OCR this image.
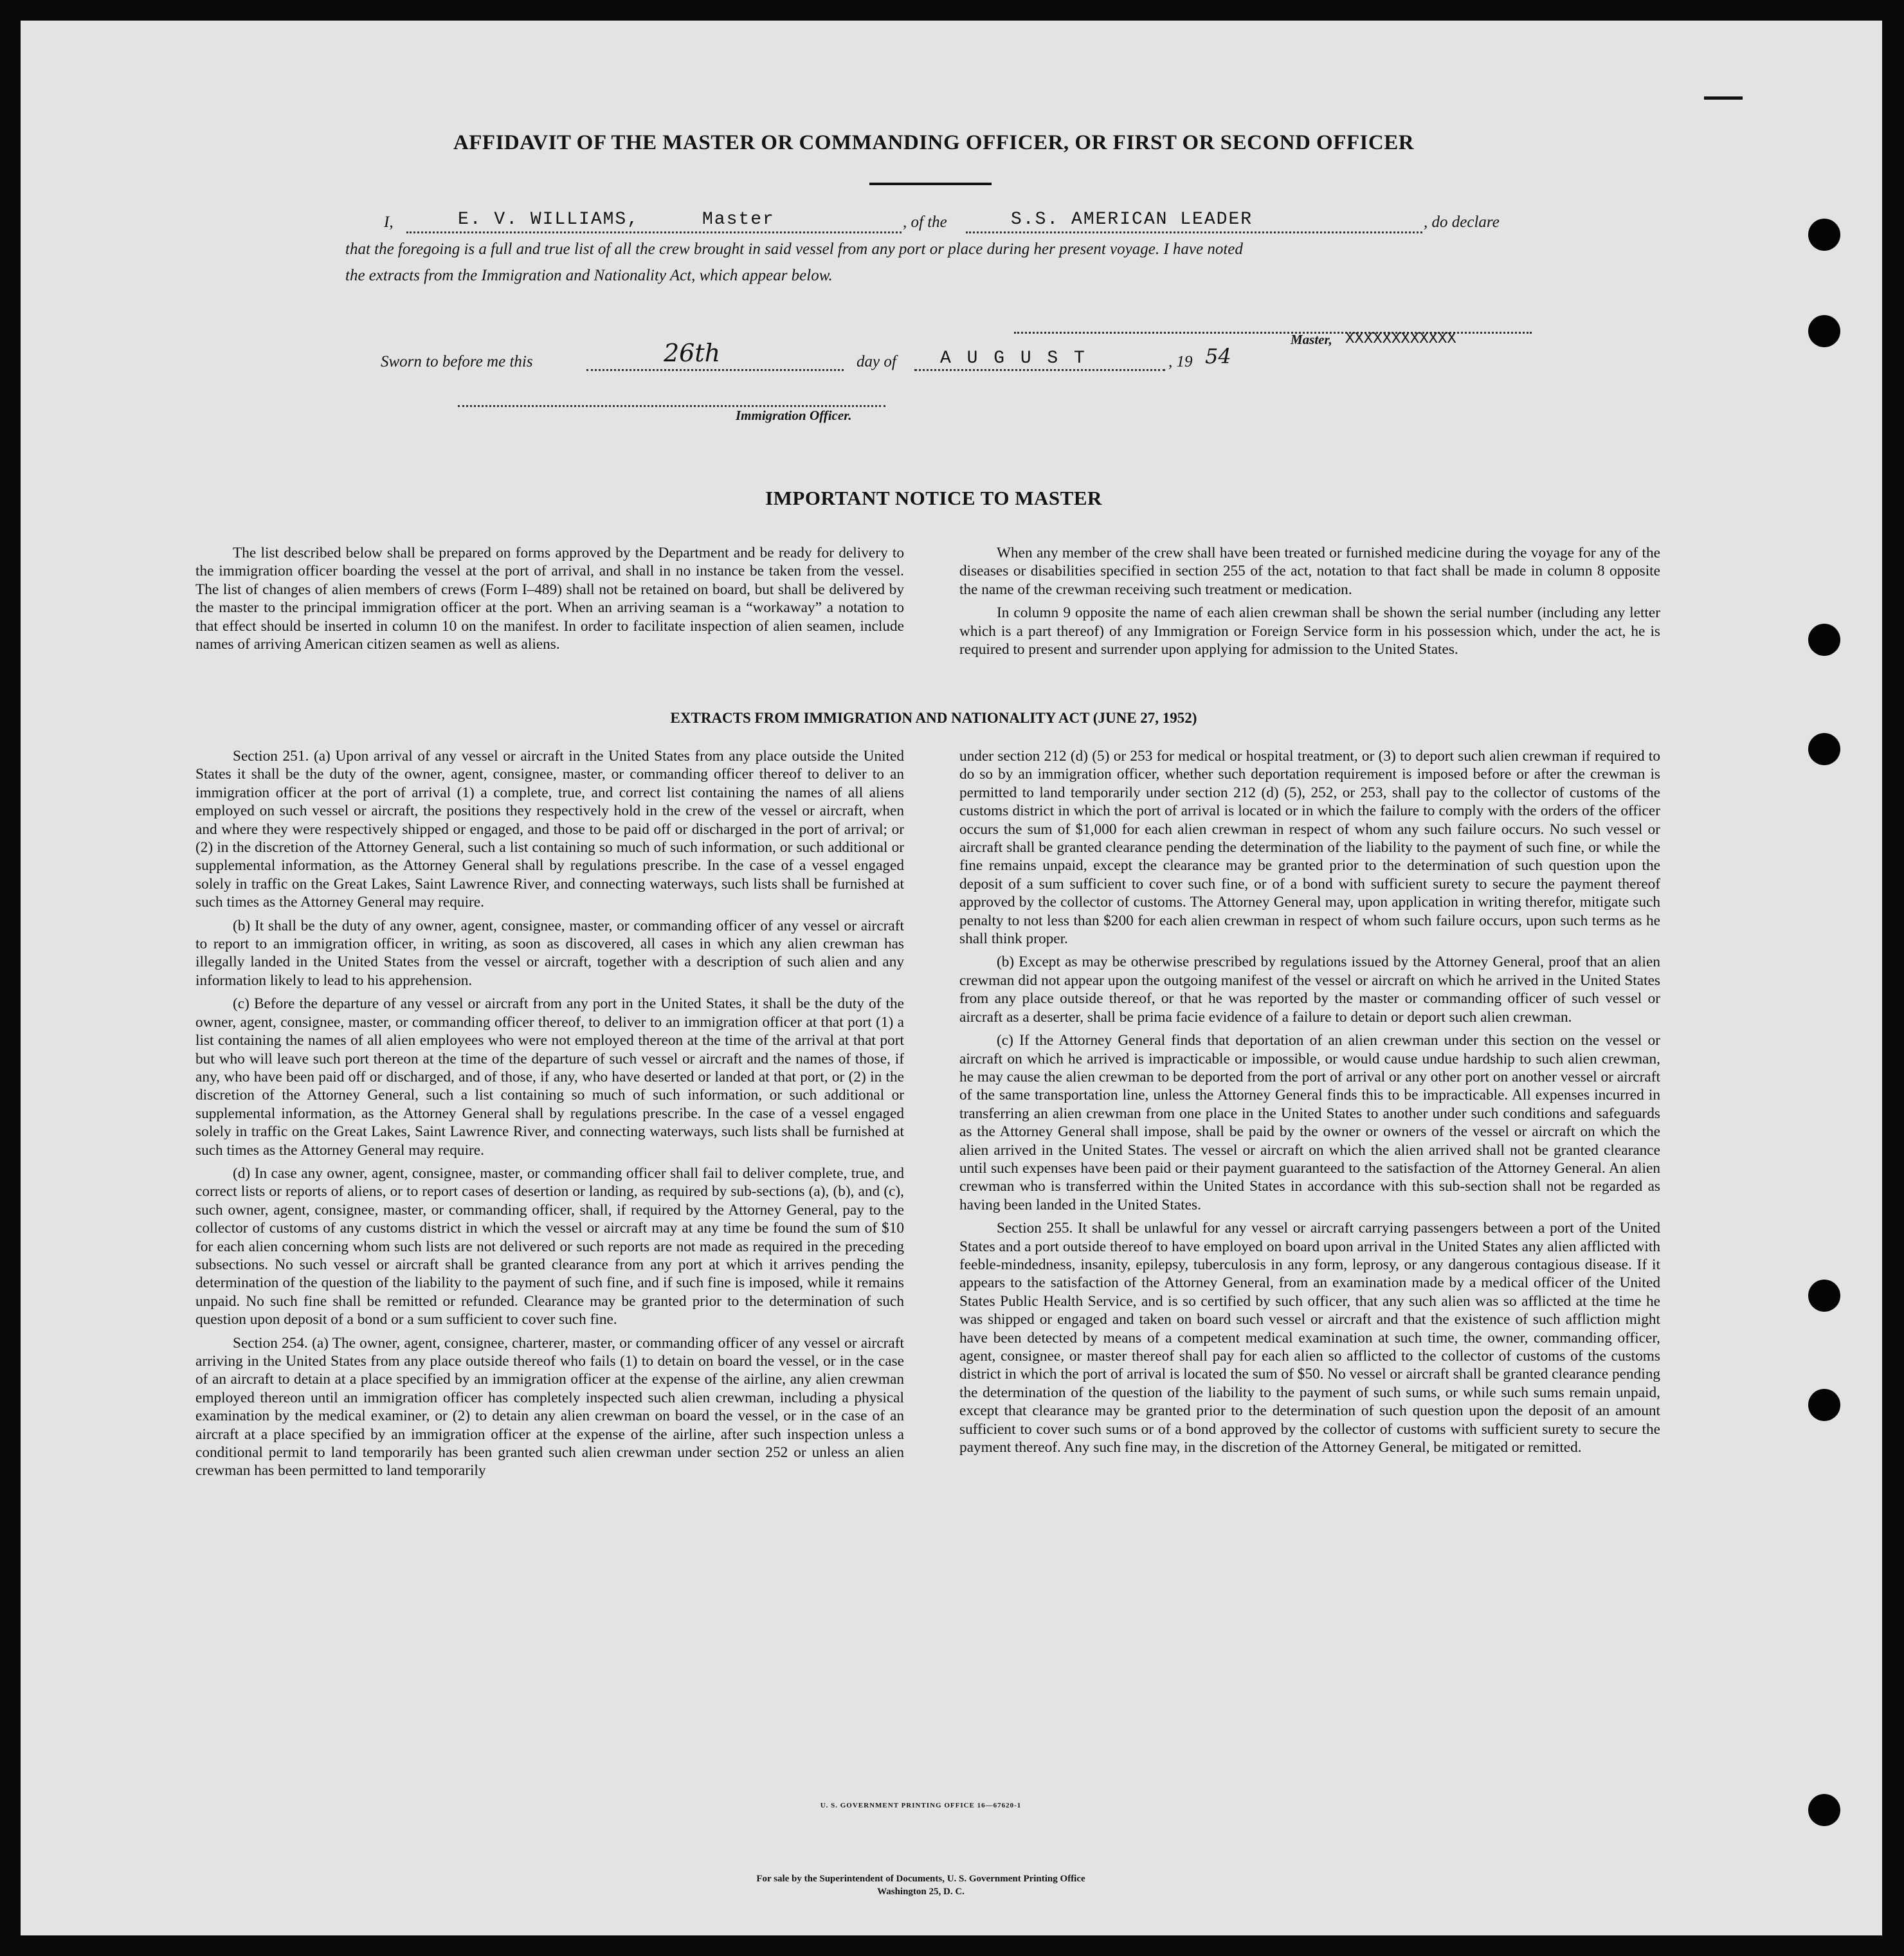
AFFIDAVIT OF THE MASTER OR COMMANDING OFFICER, OR FIRST OR SECOND OFFICER
I,	E. V. WILLIAMS,	Master	, of the	S.S. AMERICAN LEADER	, do declare
that the foregoing is a full and true list of all the crew brought in said vessel from any port or place during her present voyage. I have noted
the extracts from the Immigration and Nationality Act, which appear below.
Master, XXXXXXXXXXXX
Sworn to before me this	26th	day of A U G U S T	, 19 54
Immigration Officer.
IMPORTANT NOTICE TO MASTER

The list described below shall be prepared on forms approved by the Department and be ready for delivery to the immigration officer boarding the vessel at the port of arrival, and shall in no instance be taken from the vessel. The list of changes of alien members of crews (Form I–489) shall not be retained on board, but shall be delivered by the master to the principal immigration officer at the port. When an arriving seaman is a “workaway” a notation to that effect should be inserted in column 10 on the manifest. In order to facilitate inspection of alien seamen, include names of arriving American citizen seamen as well as aliens.

When any member of the crew shall have been treated or furnished medicine during the voyage for any of the diseases or disabilities specified in section 255 of the act, notation to that fact shall be made in column 8 opposite the name of the crewman receiving such treatment or medication.

In column 9 opposite the name of each alien crewman shall be shown the serial number (including any letter which is a part thereof) of any Immigration or Foreign Service form in his possession which, under the act, he is required to present and surrender upon applying for admission to the United States.

EXTRACTS FROM IMMIGRATION AND NATIONALITY ACT (JUNE 27, 1952)

Section 251. (a) Upon arrival of any vessel or aircraft in the United States from any place outside the United States it shall be the duty of the owner, agent, consignee, master, or commanding officer thereof to deliver to an immigration officer at the port of arrival (1) a complete, true, and correct list containing the names of all aliens employed on such vessel or aircraft, the positions they respectively hold in the crew of the vessel or aircraft, when and where they were respectively shipped or engaged, and those to be paid off or discharged in the port of arrival; or (2) in the discretion of the Attorney General, such a list containing so much of such information, or such additional or supplemental information, as the Attorney General shall by regulations prescribe. In the case of a vessel engaged solely in traffic on the Great Lakes, Saint Lawrence River, and connecting waterways, such lists shall be furnished at such times as the Attorney General may require.

(b) It shall be the duty of any owner, agent, consignee, master, or commanding officer of any vessel or aircraft to report to an immigration officer, in writing, as soon as discovered, all cases in which any alien crewman has illegally landed in the United States from the vessel or aircraft, together with a description of such alien and any information likely to lead to his apprehension.

(c) Before the departure of any vessel or aircraft from any port in the United States, it shall be the duty of the owner, agent, consignee, master, or commanding officer thereof, to deliver to an immigration officer at that port (1) a list containing the names of all alien employees who were not employed thereon at the time of the arrival at that port but who will leave such port thereon at the time of the departure of such vessel or aircraft and the names of those, if any, who have been paid off or discharged, and of those, if any, who have deserted or landed at that port, or (2) in the discretion of the Attorney General, such a list containing so much of such information, or such additional or supplemental information, as the Attorney General shall by regulations prescribe. In the case of a vessel engaged solely in traffic on the Great Lakes, Saint Lawrence River, and connecting waterways, such lists shall be furnished at such times as the Attorney General may require.

(d) In case any owner, agent, consignee, master, or commanding officer shall fail to deliver complete, true, and correct lists or reports of aliens, or to report cases of desertion or landing, as required by sub-sections (a), (b), and (c), such owner, agent, consignee, master, or commanding officer, shall, if required by the Attorney General, pay to the collector of customs of any customs district in which the vessel or aircraft may at any time be found the sum of $10 for each alien concerning whom such lists are not delivered or such reports are not made as required in the preceding subsections. No such vessel or aircraft shall be granted clearance from any port at which it arrives pending the determination of the question of the liability to the payment of such fine, and if such fine is imposed, while it remains unpaid. No such fine shall be remitted or refunded. Clearance may be granted prior to the determination of such question upon deposit of a bond or a sum sufficient to cover such fine.

Section 254. (a) The owner, agent, consignee, charterer, master, or commanding officer of any vessel or aircraft arriving in the United States from any place outside thereof who fails (1) to detain on board the vessel, or in the case of an aircraft to detain at a place specified by an immigration officer at the expense of the airline, any alien crewman employed thereon until an immigration officer has completely inspected such alien crewman, including a physical examination by the medical examiner, or (2) to detain any alien crewman on board the vessel, or in the case of an aircraft at a place specified by an immigration officer at the expense of the airline, after such inspection unless a conditional permit to land temporarily has been granted such alien crewman under section 252 or unless an alien crewman has been permitted to land temporarily

under section 212 (d) (5) or 253 for medical or hospital treatment, or (3) to deport such alien crewman if required to do so by an immigration officer, whether such deportation requirement is imposed before or after the crewman is permitted to land temporarily under section 212 (d) (5), 252, or 253, shall pay to the collector of customs of the customs district in which the port of arrival is located or in which the failure to comply with the orders of the officer occurs the sum of $1,000 for each alien crewman in respect of whom any such failure occurs. No such vessel or aircraft shall be granted clearance pending the determination of the liability to the payment of such fine, or while the fine remains unpaid, except the clearance may be granted prior to the determination of such question upon the deposit of a sum sufficient to cover such fine, or of a bond with sufficient surety to secure the payment thereof approved by the collector of customs. The Attorney General may, upon application in writing therefor, mitigate such penalty to not less than $200 for each alien crewman in respect of whom such failure occurs, upon such terms as he shall think proper.

(b) Except as may be otherwise prescribed by regulations issued by the Attorney General, proof that an alien crewman did not appear upon the outgoing manifest of the vessel or aircraft on which he arrived in the United States from any place outside thereof, or that he was reported by the master or commanding officer of such vessel or aircraft as a deserter, shall be prima facie evidence of a failure to detain or deport such alien crewman.

(c) If the Attorney General finds that deportation of an alien crewman under this section on the vessel or aircraft on which he arrived is impracticable or impossible, or would cause undue hardship to such alien crewman, he may cause the alien crewman to be deported from the port of arrival or any other port on another vessel or aircraft of the same transportation line, unless the Attorney General finds this to be impracticable. All expenses incurred in transferring an alien crewman from one place in the United States to another under such conditions and safeguards as the Attorney General shall impose, shall be paid by the owner or owners of the vessel or aircraft on which the alien arrived in the United States. The vessel or aircraft on which the alien arrived shall not be granted clearance until such expenses have been paid or their payment guaranteed to the satisfaction of the Attorney General. An alien crewman who is transferred within the United States in accordance with this sub-section shall not be regarded as having been landed in the United States.

Section 255. It shall be unlawful for any vessel or aircraft carrying passengers between a port of the United States and a port outside thereof to have employed on board upon arrival in the United States any alien afflicted with feeble-mindedness, insanity, epilepsy, tuberculosis in any form, leprosy, or any dangerous contagious disease. If it appears to the satisfaction of the Attorney General, from an examination made by a medical officer of the United States Public Health Service, and is so certified by such officer, that any such alien was so afflicted at the time he was shipped or engaged and taken on board such vessel or aircraft and that the existence of such affliction might have been detected by means of a competent medical examination at such time, the owner, commanding officer, agent, consignee, or master thereof shall pay for each alien so afflicted to the collector of customs of the customs district in which the port of arrival is located the sum of $50. No vessel or aircraft shall be granted clearance pending the determination of the question of the liability to the payment of such sums, or while such sums remain unpaid, except that clearance may be granted prior to the determination of such question upon the deposit of an amount sufficient to cover such sums or of a bond approved by the collector of customs with sufficient surety to secure the payment thereof. Any such fine may, in the discretion of the Attorney General, be mitigated or remitted.

U. S. GOVERNMENT PRINTING OFFICE 16—67620-1
For sale by the Superintendent of Documents, U. S. Government Printing Office
Washington 25, D. C.
